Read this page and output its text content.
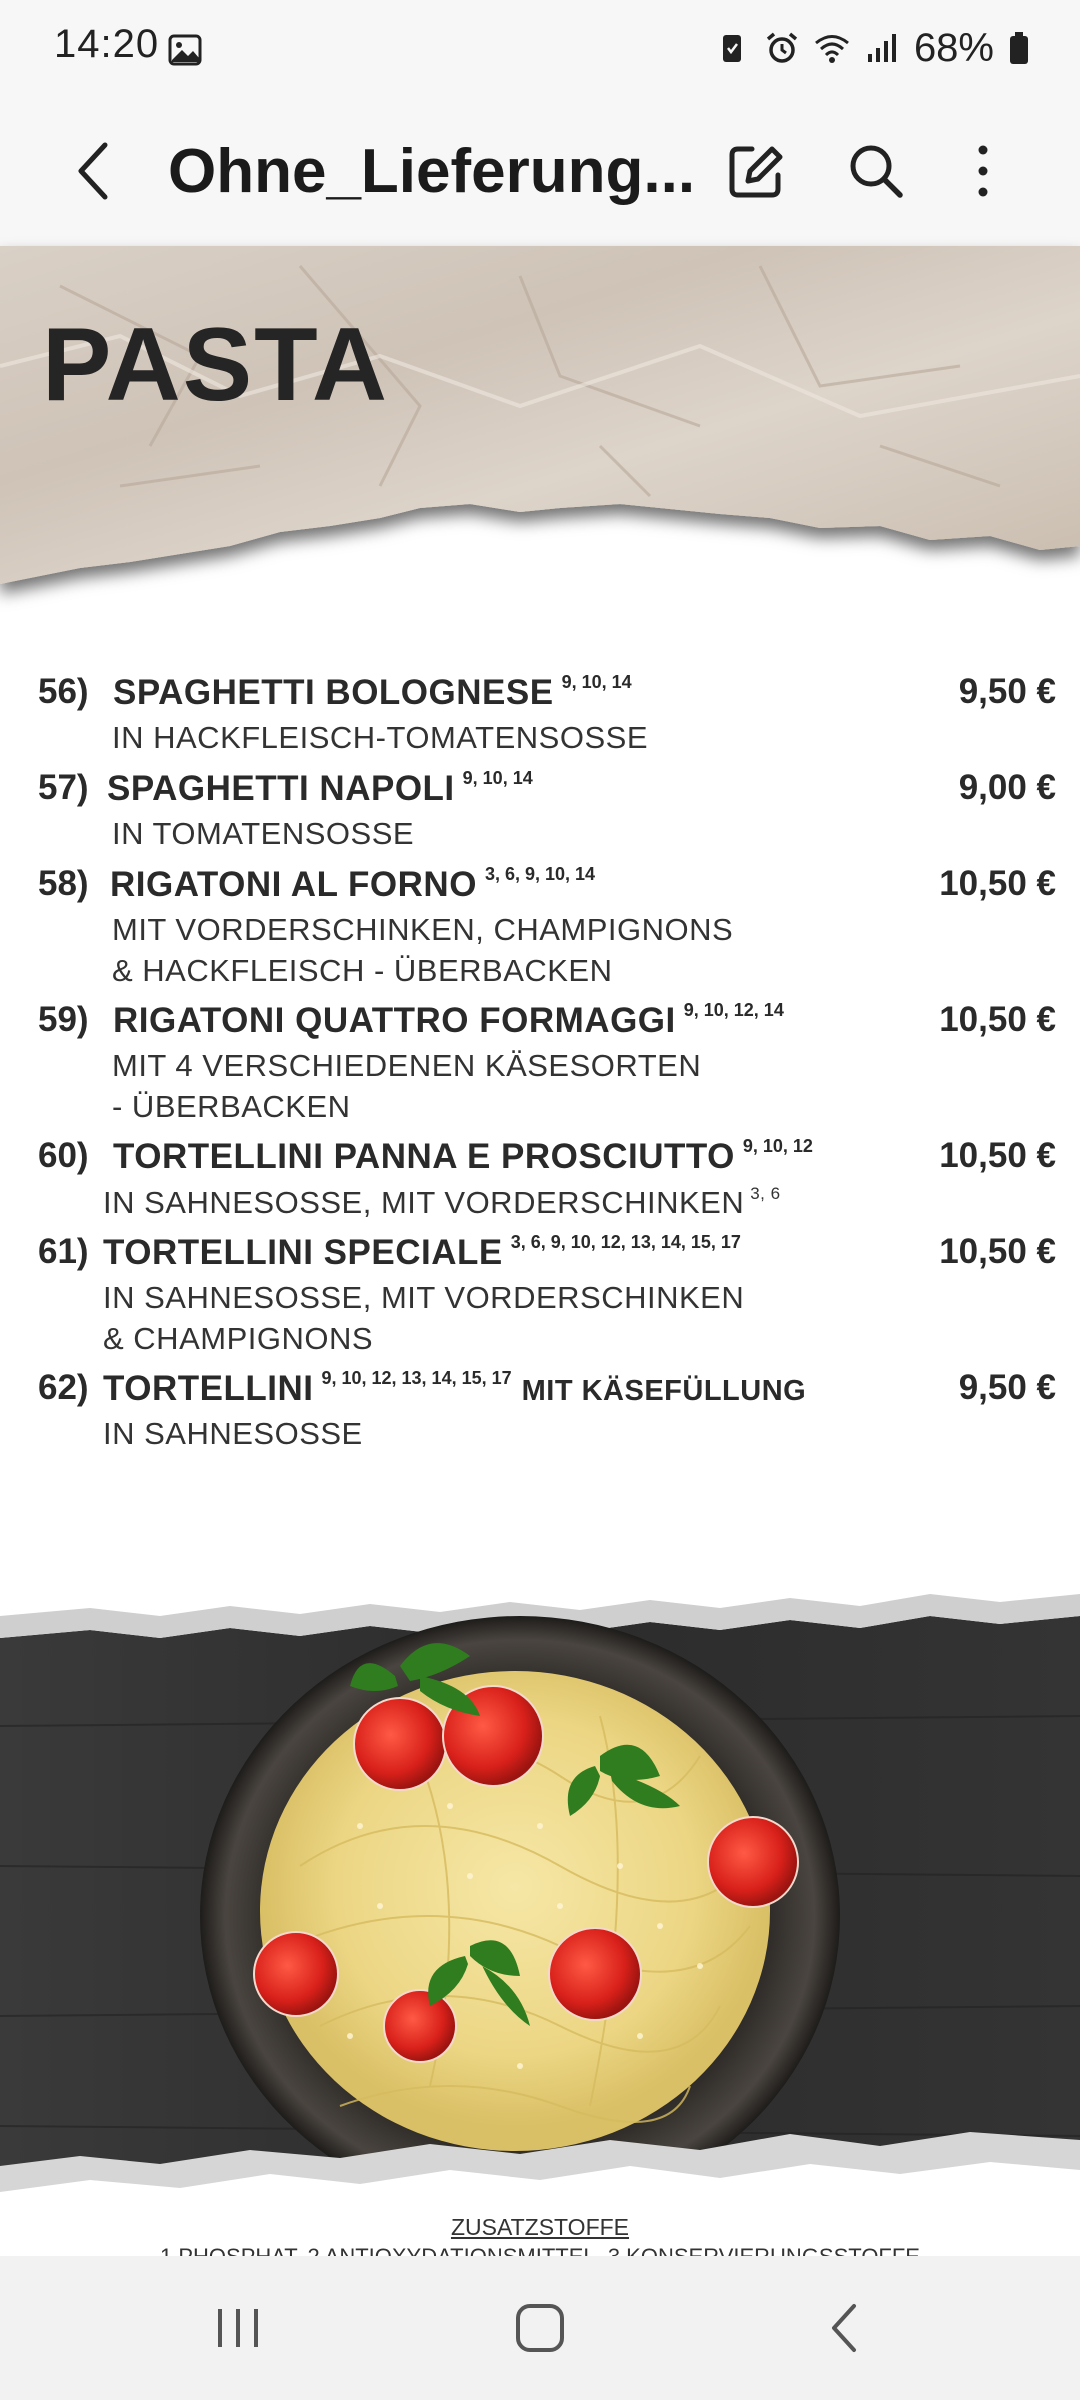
14:20	68%
Ohne_Lieferung...
PASTA
56) SPAGHETTI BOLOGNESE $^{9, 10, 14}$	9,50 €
IN HACKFLEISCH-TOMATENSOSSE
57) SPAGHETTI NAPOLI $^{9, 10, 14}$	9,00 €
IN TOMATENSOSSE
58) RIGATONI AL FORNO $^{3, 6, 9, 10, 14}$	10,50 €
MIT VORDERSCHINKEN, CHAMPIGNONS
& HACKFLEISCH - ÜBERBACKEN
59) RIGATONI QUATTRO FORMAGGI $^{9, 10, 12, 14}$	10,50 €
MIT 4 VERSCHIEDENEN KÄSESORTEN
- ÜBERBACKEN
60) TORTELLINI PANNA E PROSCIUTTO $^{9, 10, 12}$	10,50 €
IN SAHNESOSSE, MIT VORDERSCHINKEN $^{3, 6}$
61) TORTELLINI SPECIALE $^{3, 6, 9, 10, 12, 13, 14, 15, 17}$	10,50 €
IN SAHNESOSSE, MIT VORDERSCHINKEN
& CHAMPIGNONS
62) TORTELLINI $^{9, 10, 12, 13, 14, 15, 17}$ MIT KÄSEFÜLLUNG	9,50 €
IN SAHNESOSSE
ZUSATZSTOFFE
